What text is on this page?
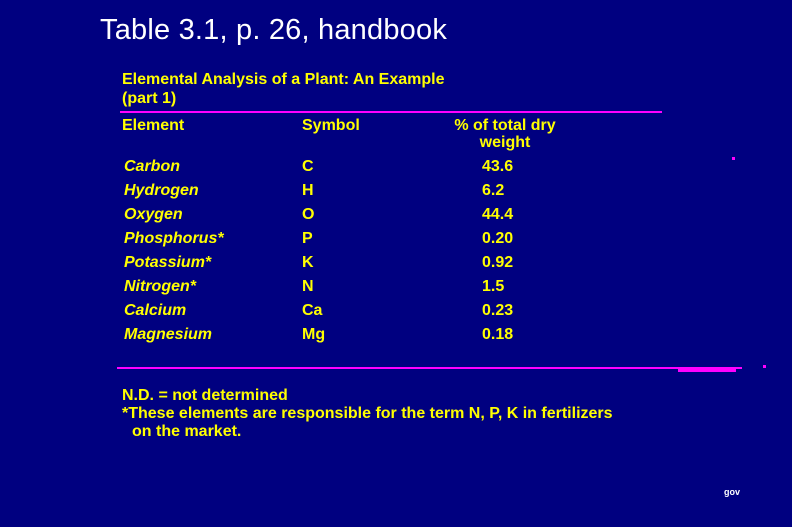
Table 3.1, p. 26, handbook
Elemental Analysis of a Plant: An Example
(part 1)
Element	Symbol	% of total dry
weight
Carbon	C	43.6
Hydrogen	H	6.2
Oxygen	O	44.4
Phosphorus*	P	0.20
Potassium*	K	0.92
Nitrogen*	N	1.5
Calcium	Ca	0.23
Magnesium	Mg	0.18
N.D. = not determined
*These elements are responsible for the term N, P, K in fertilizers
on the market.
gov
